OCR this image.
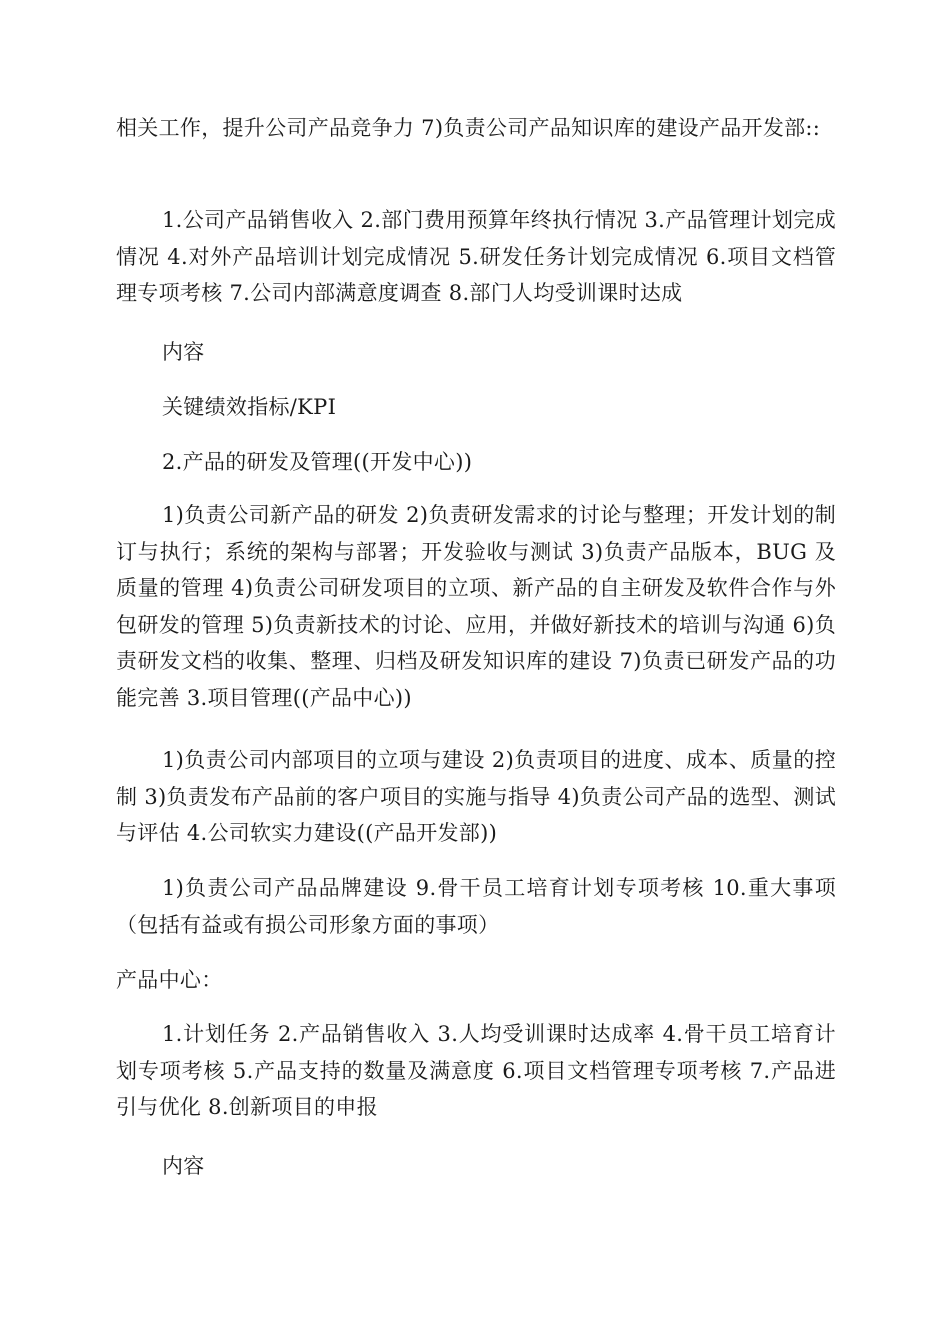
相关工作，提升公司产品竞争力 7)负责公司产品知识库的建设产品开发部::

1.公司产品销售收入 2.部门费用预算年终执行情况 3.产品管理计划完成情况 4.对外产品培训计划完成情况 5.研发任务计划完成情况 6.项目文档管理专项考核 7.公司内部满意度调查 8.部门人均受训课时达成

内容

关键绩效指标/KPI

2.产品的研发及管理((开发中心))

1)负责公司新产品的研发 2)负责研发需求的讨论与整理；开发计划的制订与执行；系统的架构与部署；开发验收与测试 3)负责产品版本，BUG 及质量的管理 4)负责公司研发项目的立项、新产品的自主研发及软件合作与外包研发的管理 5)负责新技术的讨论、应用，并做好新技术的培训与沟通 6)负责研发文档的收集、整理、归档及研发知识库的建设 7)负责已研发产品的功能完善 3.项目管理((产品中心))

1)负责公司内部项目的立项与建设 2)负责项目的进度、成本、质量的控制 3)负责发布产品前的客户项目的实施与指导 4)负责公司产品的选型、测试与评估 4.公司软实力建设((产品开发部))

1)负责公司产品品牌建设 9.骨干员工培育计划专项考核 10.重大事项（包括有益或有损公司形象方面的事项）

产品中心：

1.计划任务 2.产品销售收入 3.人均受训课时达成率 4.骨干员工培育计划专项考核 5.产品支持的数量及满意度 6.项目文档管理专项考核 7.产品进引与优化 8.创新项目的申报

内容
